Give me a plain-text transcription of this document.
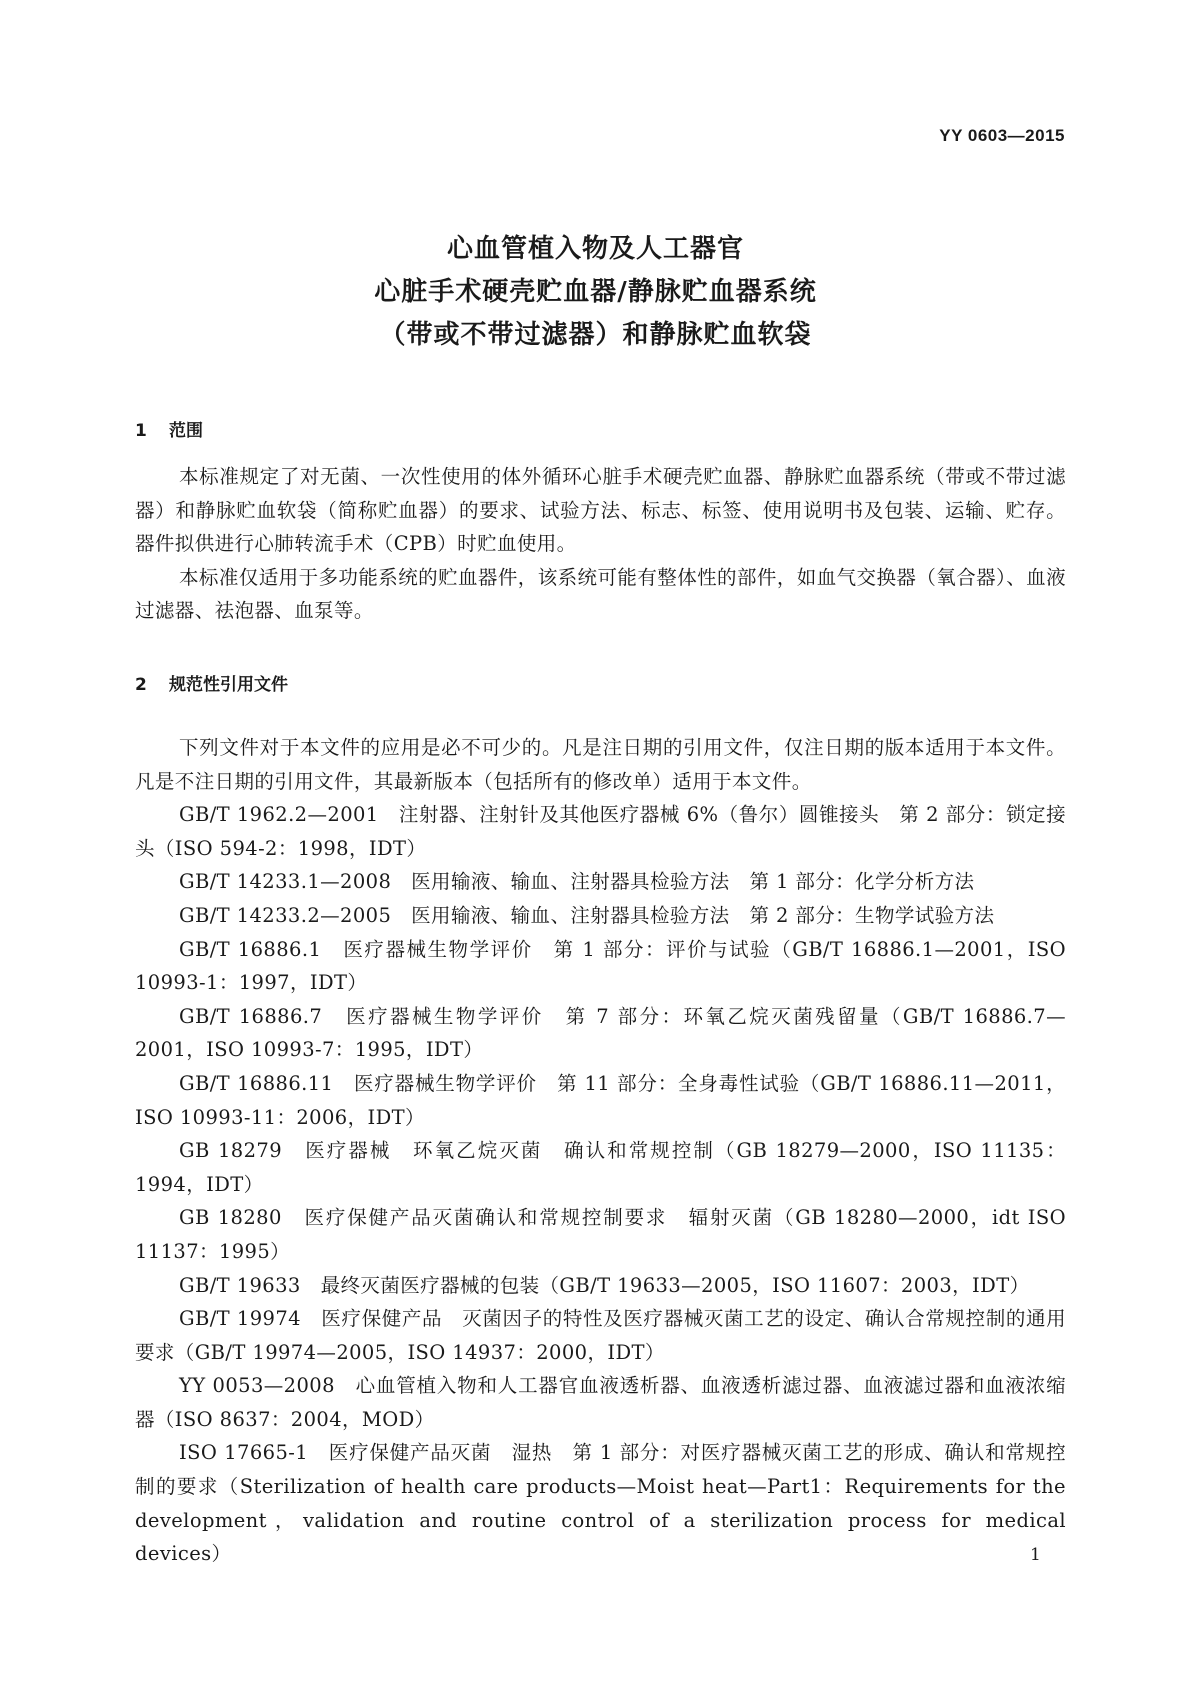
YY 0603—2015
心血管植入物及人工器官
心脏手术硬壳贮血器/静脉贮血器系统
（带或不带过滤器）和静脉贮血软袋
1 范围

本标准规定了对无菌、一次性使用的体外循环心脏手术硬壳贮血器、静脉贮血器系统（带或不带过滤器）和静脉贮血软袋（简称贮血器）的要求、试验方法、标志、标签、使用说明书及包装、运输、贮存。器件拟供进行心肺转流手术（CPB）时贮血使用。

本标准仅适用于多功能系统的贮血器件，该系统可能有整体性的部件，如血气交换器（氧合器）、血液过滤器、祛泡器、血泵等。

2 规范性引用文件

下列文件对于本文件的应用是必不可少的。凡是注日期的引用文件，仅注日期的版本适用于本文件。凡是不注日期的引用文件，其最新版本（包括所有的修改单）适用于本文件。

GB/T 1962.2—2001　注射器、注射针及其他医疗器械 6%（鲁尔）圆锥接头　第 2 部分：锁定接头（ISO 594-2：1998，IDT）

GB/T 14233.1—2008　医用输液、输血、注射器具检验方法　第 1 部分：化学分析方法

GB/T 14233.2—2005　医用输液、输血、注射器具检验方法　第 2 部分：生物学试验方法

GB/T 16886.1　医疗器械生物学评价　第 1 部分：评价与试验（GB/T 16886.1—2001，ISO 10993-1：1997，IDT）

GB/T 16886.7　医疗器械生物学评价　第 7 部分：环氧乙烷灭菌残留量（GB/T 16886.7—2001，ISO 10993-7：1995，IDT）

GB/T 16886.11　医疗器械生物学评价　第 11 部分：全身毒性试验（GB/T 16886.11—2011，ISO 10993-11：2006，IDT）

GB 18279　医疗器械　环氧乙烷灭菌　确认和常规控制（GB 18279—2000，ISO 11135：1994，IDT）

GB 18280　医疗保健产品灭菌确认和常规控制要求　辐射灭菌（GB 18280—2000，idt ISO 11137：1995）

GB/T 19633　最终灭菌医疗器械的包装（GB/T 19633—2005，ISO 11607：2003，IDT）

GB/T 19974　医疗保健产品　灭菌因子的特性及医疗器械灭菌工艺的设定、确认合常规控制的通用要求（GB/T 19974—2005，ISO 14937：2000，IDT）

YY 0053—2008　心血管植入物和人工器官血液透析器、血液透析滤过器、血液滤过器和血液浓缩器（ISO 8637：2004，MOD）

ISO 17665-1　医疗保健产品灭菌　湿热　第 1 部分：对医疗器械灭菌工艺的形成、确认和常规控制的要求（Sterilization of health care products—Moist heat—Part1：Requirements for the development，validation and routine control of a sterilization process for medical devices）	1
